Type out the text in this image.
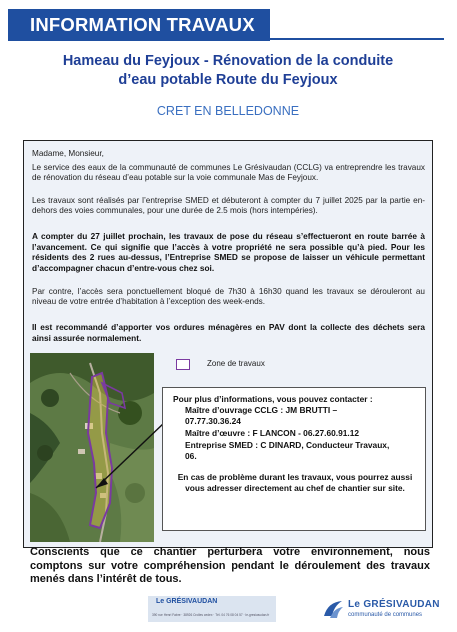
INFORMATION TRAVAUX
Hameau du Feyjoux - Rénovation de la conduite
d’eau potable Route du Feyjoux
CRET EN BELLEDONNE
Madame, Monsieur,
Le service des eaux de la communauté de communes Le Grésivaudan (CCLG) va entreprendre les travaux de rénovation du réseau d’eau potable sur la voie communale Mas de Feyjoux.
Les travaux sont réalisés par l’entreprise SMED et débuteront à compter du 7 juillet 2025 par la partie en-dehors des voies communales, pour une durée de 2.5 mois (hors intempéries).
A compter du 27 juillet prochain, les travaux de pose du réseau s’effectueront en route barrée à l’avancement. Ce qui signifie que l’accès à votre propriété ne sera possible qu’à pied. Pour les résidents des 2 rues au-dessus, l’Entreprise SMED se propose de laisser un véhicule permettant d’accompagner chacun d’entre-vous chez soi.
Par contre, l’accès sera ponctuellement bloqué de 7h30 à 16h30 quand les travaux se dérouleront au niveau de votre entrée d’habitation à l’exception des week-ends.
Il est recommandé d’apporter vos ordures ménagères en PAV dont la collecte des déchets sera ainsi assurée normalement.
Zone de travaux
Pour plus d’informations, vous pouvez contacter :
Maître d’ouvrage CCLG : JM BRUTTI –
07.77.30.36.24
Maître d’œuvre : F LANCON - 06.27.60.91.12
Entreprise SMED : C DINARD, Conducteur Travaux,
06.
En cas de problème durant les travaux, vous pourrez aussi vous adresser directement au chef de chantier sur site.
Conscients que ce chantier perturbera votre environnement, nous comptons sur votre compréhension pendant le déroulement des travaux menés dans l’intérêt de tous.
Le GRÉSIVAUDAN
390 rue Henri Fabre · 38926 Crolles cedex · Tél. 04 76 08 04 57 · le-gresivaudan.fr
Le GRÉSIVAUDAN
communauté de communes
